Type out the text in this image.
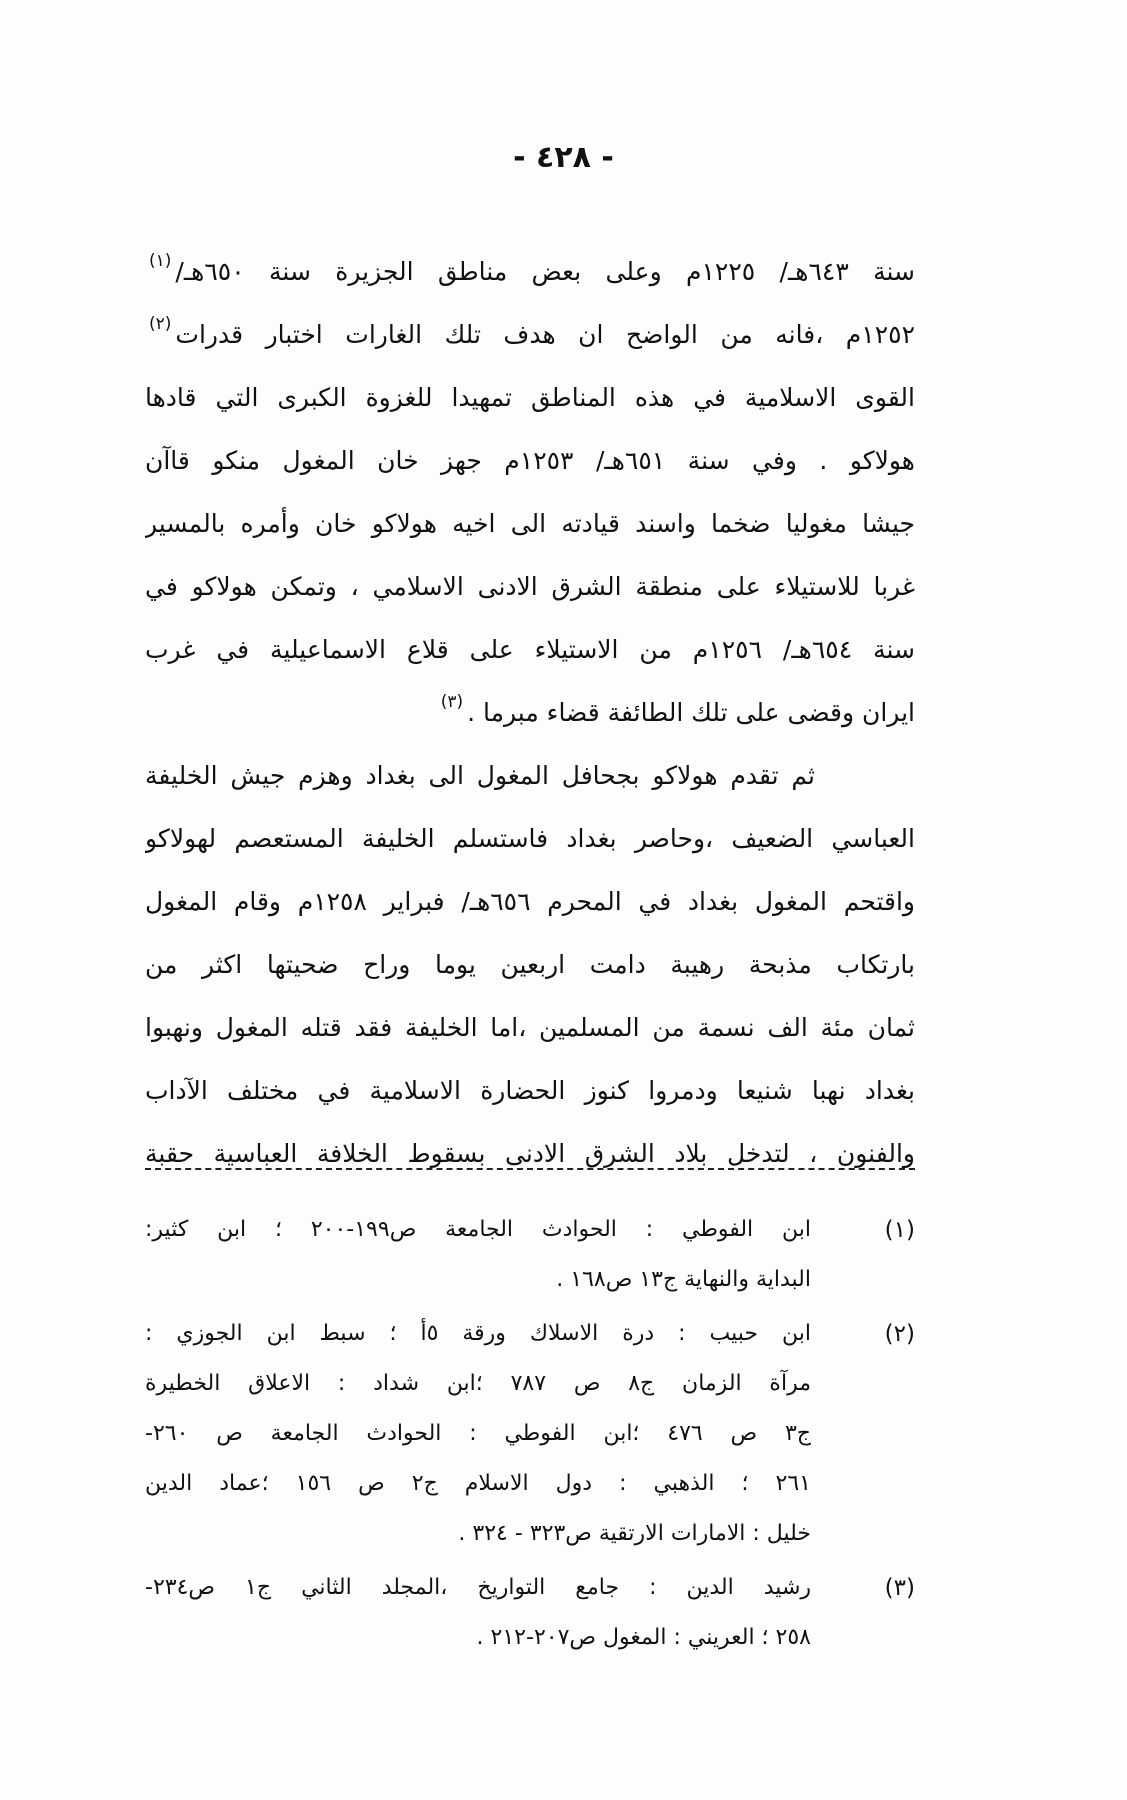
- ٤٢٨ -
سنة ٦٤٣هـ/ ١٢٢٥م وعلى بعض مناطق الجزيرة سنة ٦٥٠هـ/$^{(١)}$
١٢٥٢م ،فانه من الواضح ان هدف تلك الغارات اختبار قدرات$^{(٢)}$
القوى الاسلامية في هذه المناطق تمهيدا للغزوة الكبرى التي قادها
هولاكو . وفي سنة ٦٥١هـ/ ١٢٥٣م جهز خان المغول منكو قاآن
جيشا مغوليا ضخما واسند قيادته الى اخيه هولاكو خان وأمره بالمسير
غربا للاستيلاء على منطقة الشرق الادنى الاسلامي ، وتمكن هولاكو في
سنة ٦٥٤هـ/ ١٢٥٦م من الاستيلاء على قلاع الاسماعيلية في غرب
ايران وقضى على تلك الطائفة قضاء مبرما .$^{(٣)}$
ثم تقدم هولاكو بجحافل المغول الى بغداد وهزم جيش الخليفة
العباسي الضعيف ،وحاصر بغداد فاستسلم الخليفة المستعصم لهولاكو
واقتحم المغول بغداد في المحرم ٦٥٦هـ/ فبراير ١٢٥٨م وقام المغول
بارتكاب مذبحة رهيبة دامت اربعين يوما وراح ضحيتها اكثر من
ثمان مئة الف نسمة من المسلمين ،اما الخليفة فقد قتله المغول ونهبوا
بغداد نهبا شنيعا ودمروا كنوز الحضارة الاسلامية في مختلف الآداب
والفنون ، لتدخل بلاد الشرق الادنى بسقوط الخلافة العباسية حقبة
(١)
ابن الفوطي : الحوادث الجامعة ص١٩٩-٢٠٠ ؛ ابن كثير:
البداية والنهاية ج١٣ ص١٦٨ .
(٢)
ابن حبيب : درة الاسلاك ورقة ٥أ ؛ سبط ابن الجوزي :
مرآة الزمان ج٨ ص ٧٨٧ ؛ابن شداد : الاعلاق الخطيرة
ج٣ ص ٤٧٦ ؛ابن الفوطي : الحوادث الجامعة ص ٢٦٠-
٢٦١ ؛ الذهبي : دول الاسلام ج٢ ص ١٥٦ ؛عماد الدين
خليل : الامارات الارتقية ص٣٢٣ - ٣٢٤ .
(٣)
رشيد الدين : جامع التواريخ ،المجلد الثاني ج١ ص٢٣٤-
٢٥٨ ؛ العريني : المغول ص٢٠٧-٢١٢ .
